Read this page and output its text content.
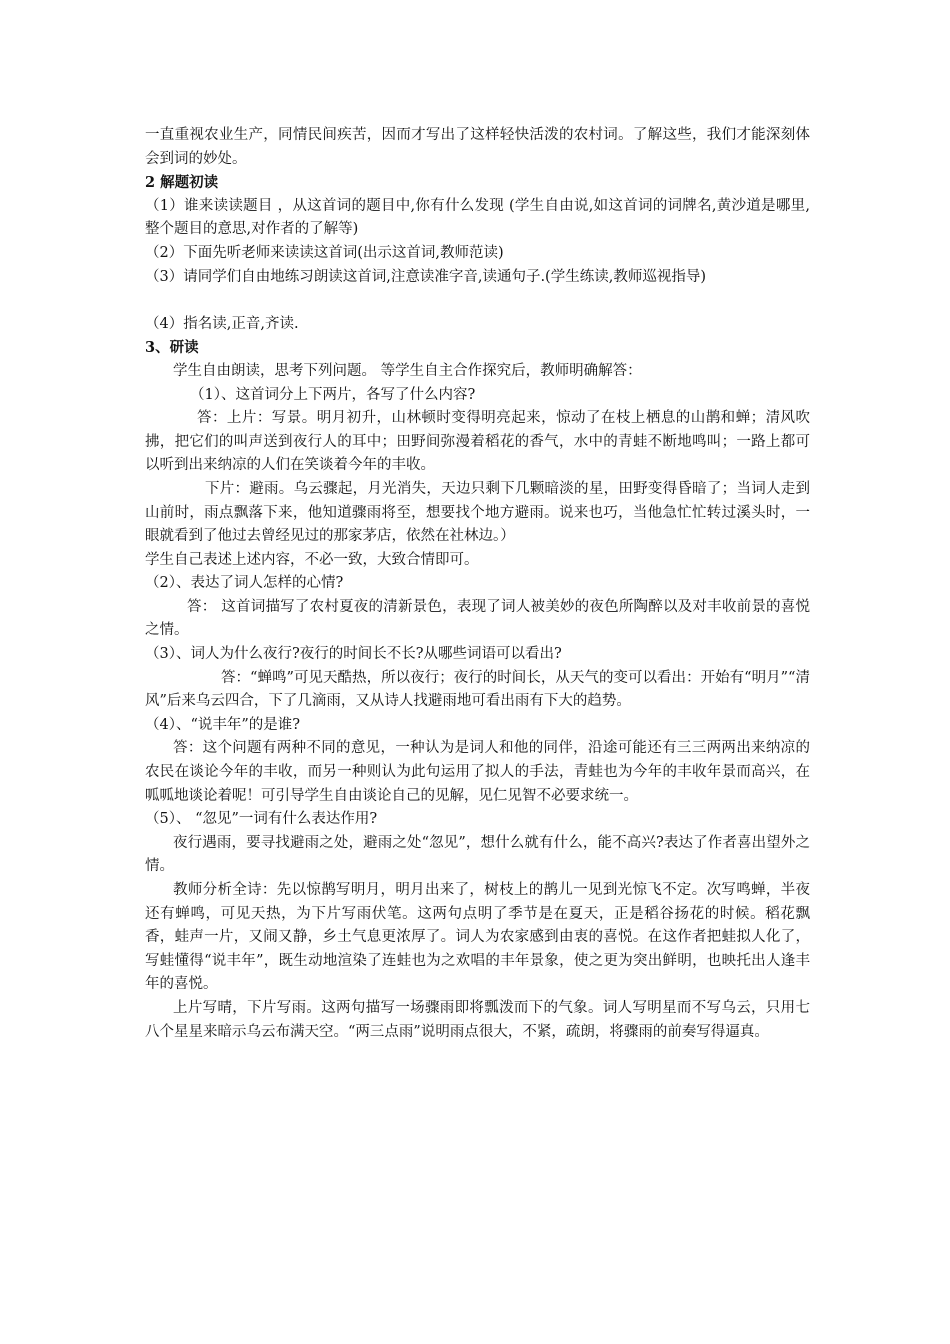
一直重视农业生产，同情民间疾苦，因而才写出了这样轻快活泼的农村词。了解这些，我们才能深刻体会到词的妙处。

2 解题初读

（1）谁来读读题目 ，从这首词的题目中,你有什么发现 (学生自由说,如这首词的词牌名,黄沙道是哪里,整个题目的意思,对作者的了解等)

（2）下面先听老师来读读这首词(出示这首词,教师范读)

（3）请同学们自由地练习朗读这首词,注意读准字音,读通句子.(学生练读,教师巡视指导)

（4）指名读,正音,齐读.

3、研读

学生自由朗读，思考下列问题。 等学生自主合作探究后，教师明确解答：

（1）、这首词分上下两片，各写了什么内容?

答：上片：写景。明月初升，山林顿时变得明亮起来，惊动了在枝上栖息的山鹊和蝉；清风吹拂，把它们的叫声送到夜行人的耳中；田野间弥漫着稻花的香气，水中的青蛙不断地鸣叫；一路上都可以听到出来纳凉的人们在笑谈着今年的丰收。

下片：避雨。乌云骤起，月光消失，天边只剩下几颗暗淡的星，田野变得昏暗了；当词人走到山前时，雨点飘落下来，他知道骤雨将至，想要找个地方避雨。说来也巧，当他急忙忙转过溪头时，一眼就看到了他过去曾经见过的那家茅店，依然在社林边。）

学生自己表述上述内容，不必一致，大致合情即可。

（2）、表达了词人怎样的心情?

答： 这首词描写了农村夏夜的清新景色，表现了词人被美妙的夜色所陶醉以及对丰收前景的喜悦之情。

（3）、词人为什么夜行?夜行的时间长不长?从哪些词语可以看出?

答：“蝉鸣”可见天酷热，所以夜行；夜行的时间长，从天气的变可以看出：开始有“明月”“清风”后来乌云四合，下了几滴雨，又从诗人找避雨地可看出雨有下大的趋势。

（4）、“说丰年”的是谁?

答：这个问题有两种不同的意见，一种认为是词人和他的同伴，沿途可能还有三三两两出来纳凉的农民在谈论今年的丰收，而另一种则认为此句运用了拟人的手法，青蛙也为今年的丰收年景而高兴，在呱呱地谈论着呢！可引导学生自由谈论自己的见解，见仁见智不必要求统一。

（5）、 “忽见”一词有什么表达作用?

夜行遇雨，要寻找避雨之处，避雨之处“忽见”，想什么就有什么，能不高兴?表达了作者喜出望外之情。

教师分析全诗：先以惊鹊写明月，明月出来了，树枝上的鹊儿一见到光惊飞不定。次写鸣蝉，半夜还有蝉鸣，可见天热，为下片写雨伏笔。这两句点明了季节是在夏天，正是稻谷扬花的时候。稻花飘香，蛙声一片，又闹又静，乡土气息更浓厚了。词人为农家感到由衷的喜悦。在这作者把蛙拟人化了，写蛙懂得“说丰年”，既生动地渲染了连蛙也为之欢唱的丰年景象，使之更为突出鲜明，也映托出人逢丰年的喜悦。

上片写晴，下片写雨。这两句描写一场骤雨即将瓢泼而下的气象。词人写明星而不写乌云，只用七八个星星来暗示乌云布满天空。“两三点雨”说明雨点很大，不紧，疏朗，将骤雨的前奏写得逼真。
